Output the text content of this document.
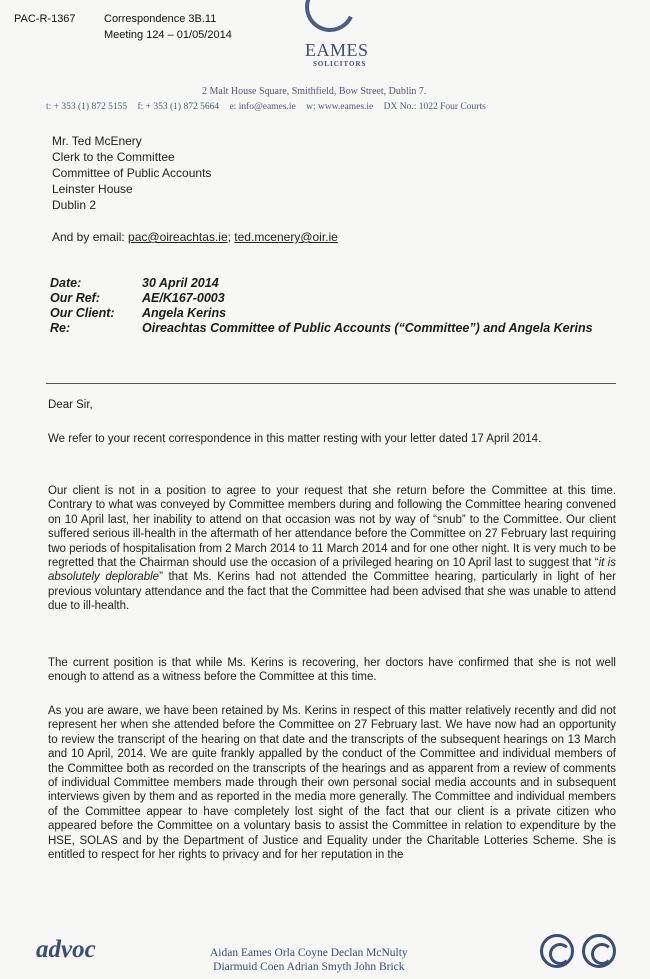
PAC-R-1367	Correspondence 3B.11
Meeting 124 – 01/05/2014
EAMES
SOLICITORS
2 Malt House Square, Smithfield, Bow Street, Dublin 7.
t: + 353 (1) 872 5155 f: + 353 (1) 872 5664 e: info@eames.ie w: www.eames.ie DX No.: 1022 Four Courts
Mr. Ted McEnery
Clerk to the Committee
Committee of Public Accounts
Leinster House
Dublin 2
And by email: pac@oireachtas.ie; ted.mcenery@oir.ie
Date:	30 April 2014
Our Ref:	AE/K167-0003
Our Client:	Angela Kerins
Re:	Oireachtas Committee of Public Accounts (“Committee”) and Angela Kerins
Dear Sir,
We refer to your recent correspondence in this matter resting with your letter dated 17 April 2014.
Our client is not in a position to agree to your request that she return before the Committee at this time. Contrary to what was conveyed by Committee members during and following the Committee hearing convened on 10 April last, her inability to attend on that occasion was not by way of “snub” to the Committee. Our client suffered serious ill-health in the aftermath of her attendance before the Committee on 27 February last requiring two periods of hospitalisation from 2 March 2014 to 11 March 2014 and for one other night. It is very much to be regretted that the Chairman should use the occasion of a privileged hearing on 10 April last to suggest that “it is absolutely deplorable” that Ms. Kerins had not attended the Committee hearing, particularly in light of her previous voluntary attendance and the fact that the Committee had been advised that she was unable to attend due to ill-health.
The current position is that while Ms. Kerins is recovering, her doctors have confirmed that she is not well enough to attend as a witness before the Committee at this time.
As you are aware, we have been retained by Ms. Kerins in respect of this matter relatively recently and did not represent her when she attended before the Committee on 27 February last. We have now had an opportunity to review the transcript of the hearing on that date and the transcripts of the subsequent hearings on 13 March and 10 April, 2014. We are quite frankly appalled by the conduct of the Committee and individual members of the Committee both as recorded on the transcripts of the hearings and as apparent from a review of comments of individual Committee members made through their own personal social media accounts and in subsequent interviews given by them and as reported in the media more generally. The Committee and individual members of the Committee appear to have completely lost sight of the fact that our client is a private citizen who appeared before the Committee on a voluntary basis to assist the Committee in relation to expenditure by the HSE, SOLAS and by the Department of Justice and Equality under the Charitable Lotteries Scheme. She is entitled to respect for her rights to privacy and for her reputation in the
advoc	Aidan Eames Orla Coyne Declan McNulty
Diarmuid Coen Adrian Smyth John Brick
